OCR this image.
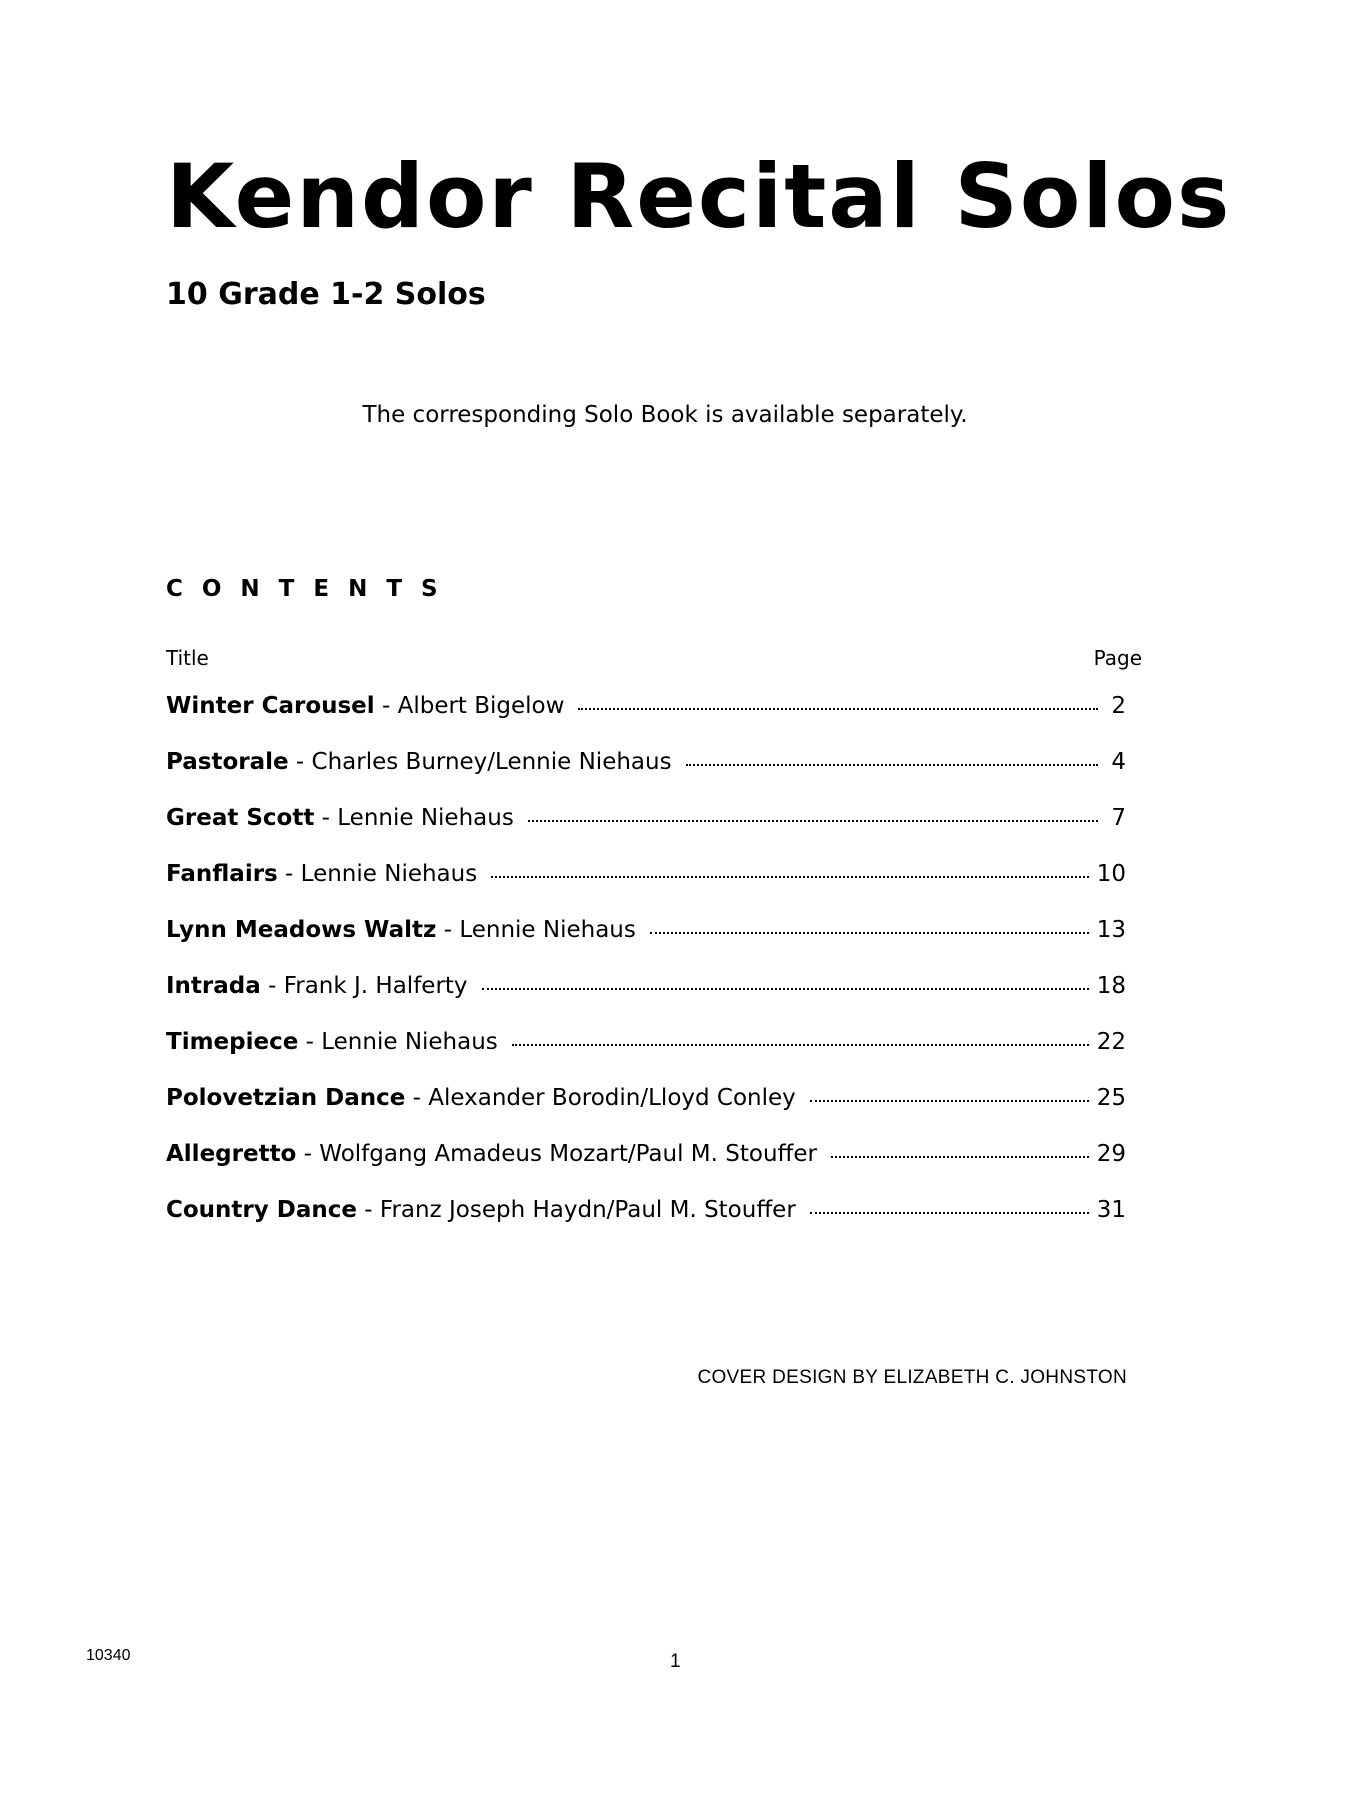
Kendor Recital Solos
10 Grade 1-2 Solos
The corresponding Solo Book is available separately.
CONTENTS
Title	Page
Winter Carousel - Albert Bigelow	2
Pastorale - Charles Burney/Lennie Niehaus	4
Great Scott - Lennie Niehaus	7
Fanflairs - Lennie Niehaus	10
Lynn Meadows Waltz - Lennie Niehaus	13
Intrada - Frank J. Halferty	18
Timepiece - Lennie Niehaus	22
Polovetzian Dance - Alexander Borodin/Lloyd Conley	25
Allegretto - Wolfgang Amadeus Mozart/Paul M. Stouffer	29
Country Dance - Franz Joseph Haydn/Paul M. Stouffer	31
COVER DESIGN BY ELIZABETH C. JOHNSTON
10340	1
